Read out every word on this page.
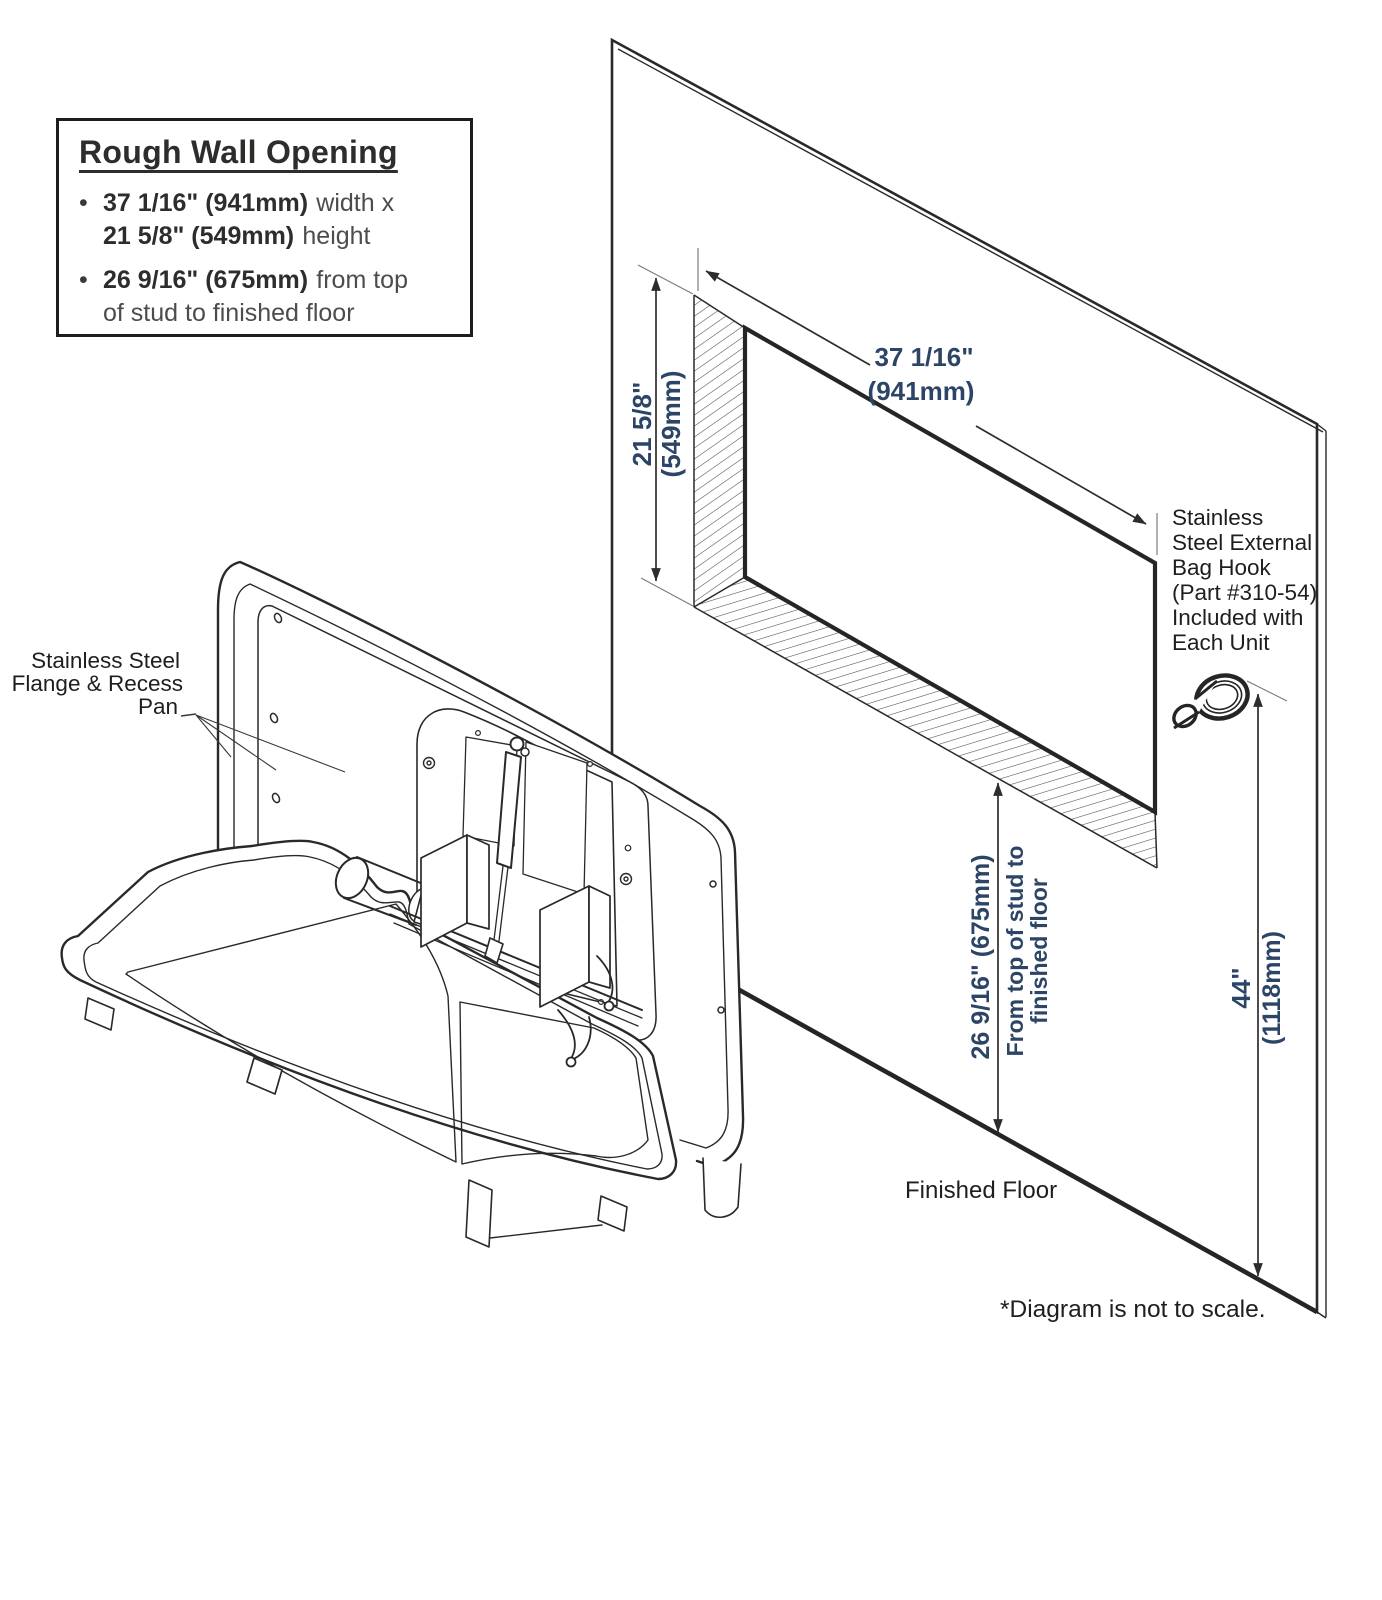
Rough Wall Opening
• 37 1/16" (941mm) width x
21 5/8" (549mm) height
• 26 9/16" (675mm) from top
of stud to finished floor
37 1/16"
(941mm)
21 5/8" (549mm)
26 9/16" (675mm) From top of stud to
finished floor	44" (1118mm)
Stainless
Steel External
Bag Hook
(Part #310-54)
Included with
Each Unit
Stainless Steel
Flange & Recess
Pan
Finished Floor
*Diagram is not to scale.
